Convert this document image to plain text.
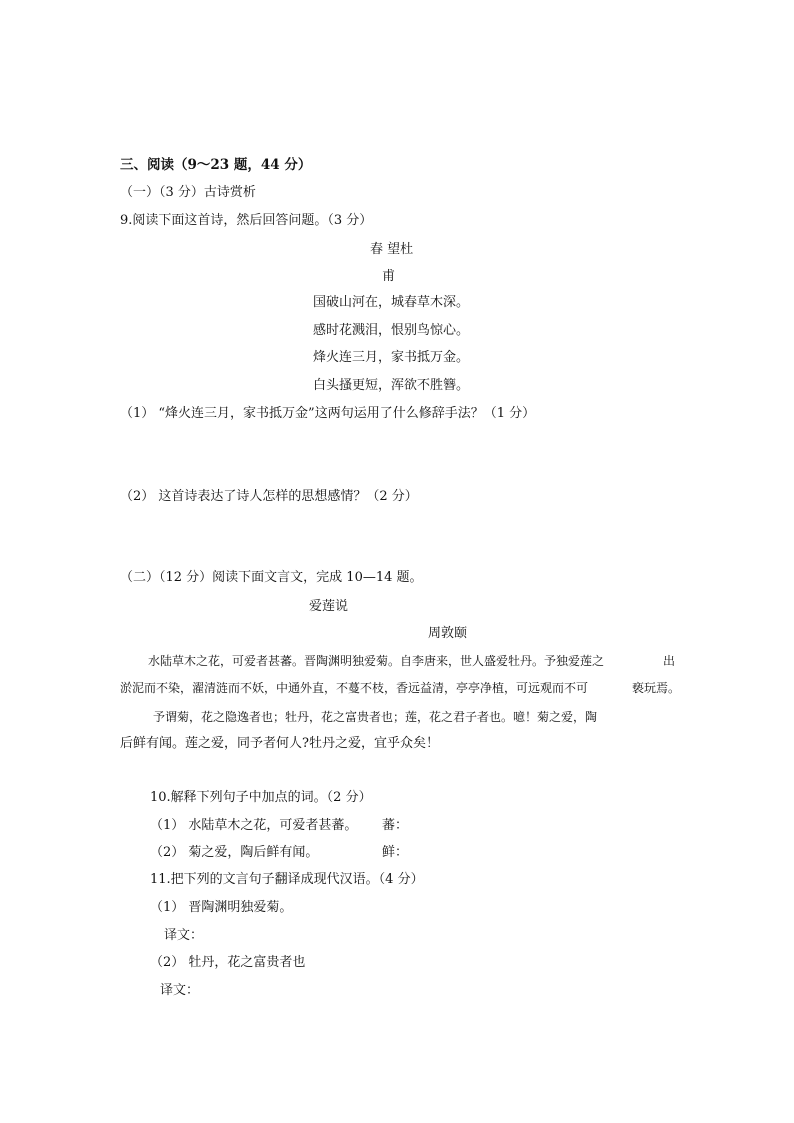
三、阅读（9～23 题，44 分）
（一）（3 分）古诗赏析
9.阅读下面这首诗，然后回答问题。（3 分）
春 望杜
甫
国破山河在，城春草木深。
感时花溅泪，恨别鸟惊心。
烽火连三月，家书抵万金。
白头搔更短，浑欲不胜簪。
（1） “烽火连三月，家书抵万金”这两句运用了什么修辞手法？（1 分）
（2） 这首诗表达了诗人怎样的思想感情？（2 分）
（二）（12 分）阅读下面文言文，完成 10—14 题。
爱莲说
周敦颐
水陆草木之花，可爱者甚蕃。晋陶渊明独爱菊。自李唐来，世人盛爱牡丹。予独爱莲之	出
淤泥而不染，濯清涟而不妖，中通外直，不蔓不枝，香远益清，亭亭净植，可远观而不可	亵玩焉。
予谓菊，花之隐逸者也；牡丹，花之富贵者也；莲，花之君子者也。噫！菊之爱，陶
后鲜有闻。莲之爱，同予者何人?牡丹之爱，宜乎众矣！
10.解释下列句子中加点的词。（2 分）
（1） 水陆草木之花，可爱者甚蕃。 蕃：
（2） 菊之爱，陶后鲜有闻。	鲜：
11.把下列的文言句子翻译成现代汉语。（4 分）
（1） 晋陶渊明独爱菊。
译文：
（2） 牡丹，花之富贵者也
译文：
